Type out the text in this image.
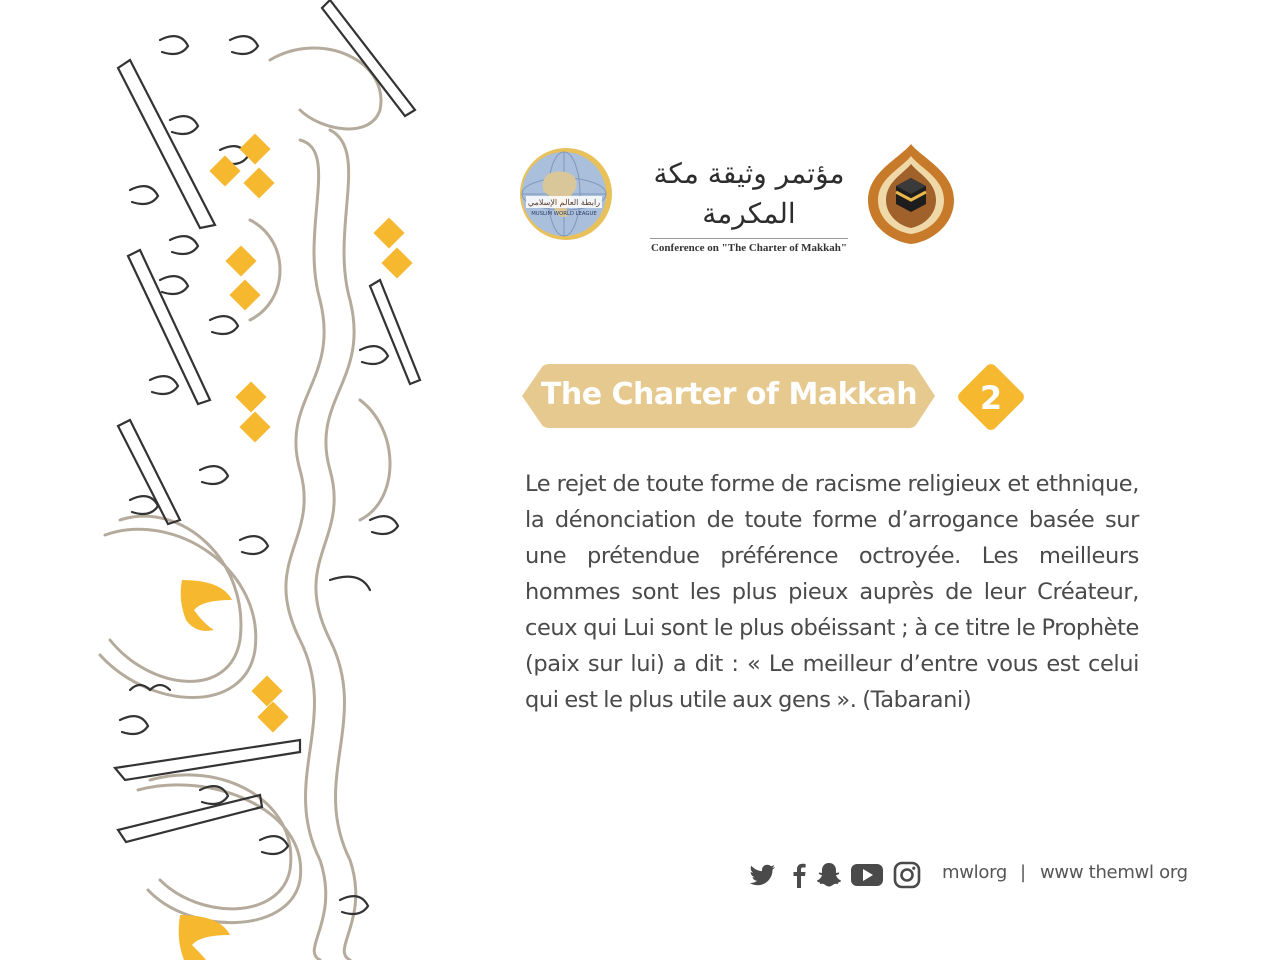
رابطة العالم الإسلامي
MUSLIM WORLD LEAGUE
مؤتمر وثيقة مكة المكرمة
Conference on "The Charter of Makkah"
The Charter of Makkah	2
Le rejet de toute forme de racisme religieux et ethnique, la dénonciation de toute forme d’arrogance basée sur une prétendue préférence octroyée. Les meilleurs hommes sont les plus pieux auprès de leur Créateur, ceux qui Lui sont le plus obéissant ; à ce titre le Prophète (paix sur lui) a dit : « Le meilleur d’entre vous est celui qui est le plus utile aux gens ». (Tabarani)
mwlorg | www themwl org
